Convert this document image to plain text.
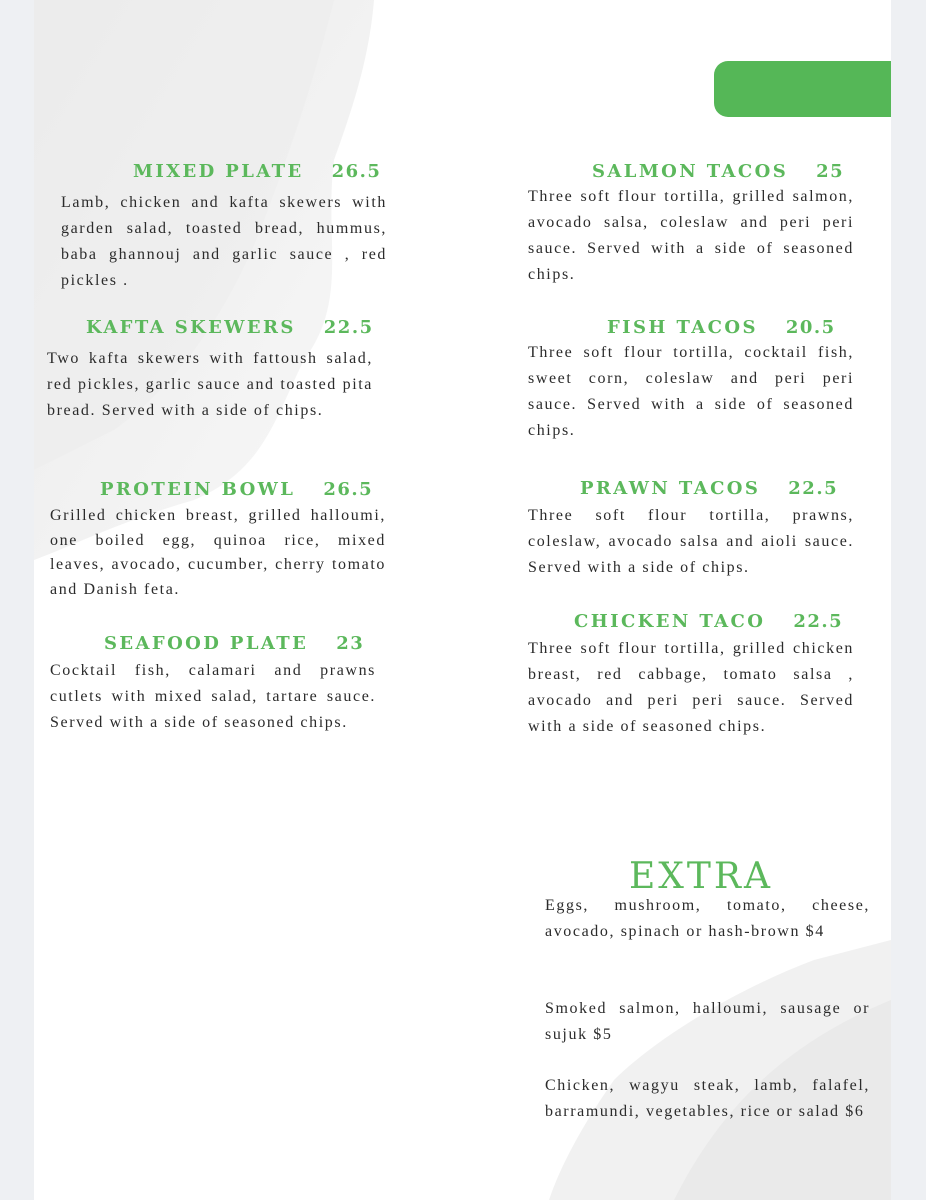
MIXED PLATE 26.5

Lamb, chicken and kafta skewers with garden salad, toasted bread, hummus, baba ghannouj and garlic sauce , red pickles .

KAFTA SKEWERS 22.5

Two kafta skewers with fattoush salad, red pickles, garlic sauce and toasted pita bread. Served with a side of chips.

PROTEIN BOWL 26.5

Grilled chicken breast, grilled halloumi, one boiled egg, quinoa rice, mixed leaves, avocado, cucumber, cherry tomato and Danish feta.

SEAFOOD PLATE 23

Cocktail fish, calamari and prawns cutlets with mixed salad, tartare sauce. Served with a side of seasoned chips.

SALMON TACOS 25

Three soft flour tortilla, grilled salmon, avocado salsa, coleslaw and peri peri sauce. Served with a side of seasoned chips.

FISH TACOS 20.5

Three soft flour tortilla, cocktail fish, sweet corn, coleslaw and peri peri sauce. Served with a side of seasoned chips.

PRAWN TACOS 22.5

Three soft flour tortilla, prawns, coleslaw, avocado salsa and aioli sauce. Served with a side of chips.

CHICKEN TACO 22.5

Three soft flour tortilla, grilled chicken breast, red cabbage, tomato salsa , avocado and peri peri sauce. Served with a side of seasoned chips.

EXTRA

Eggs, mushroom, tomato, cheese, avocado, spinach or hash-brown $4

Smoked salmon, halloumi, sausage or sujuk $5

Chicken, wagyu steak, lamb, falafel, barramundi, vegetables, rice or salad $6
